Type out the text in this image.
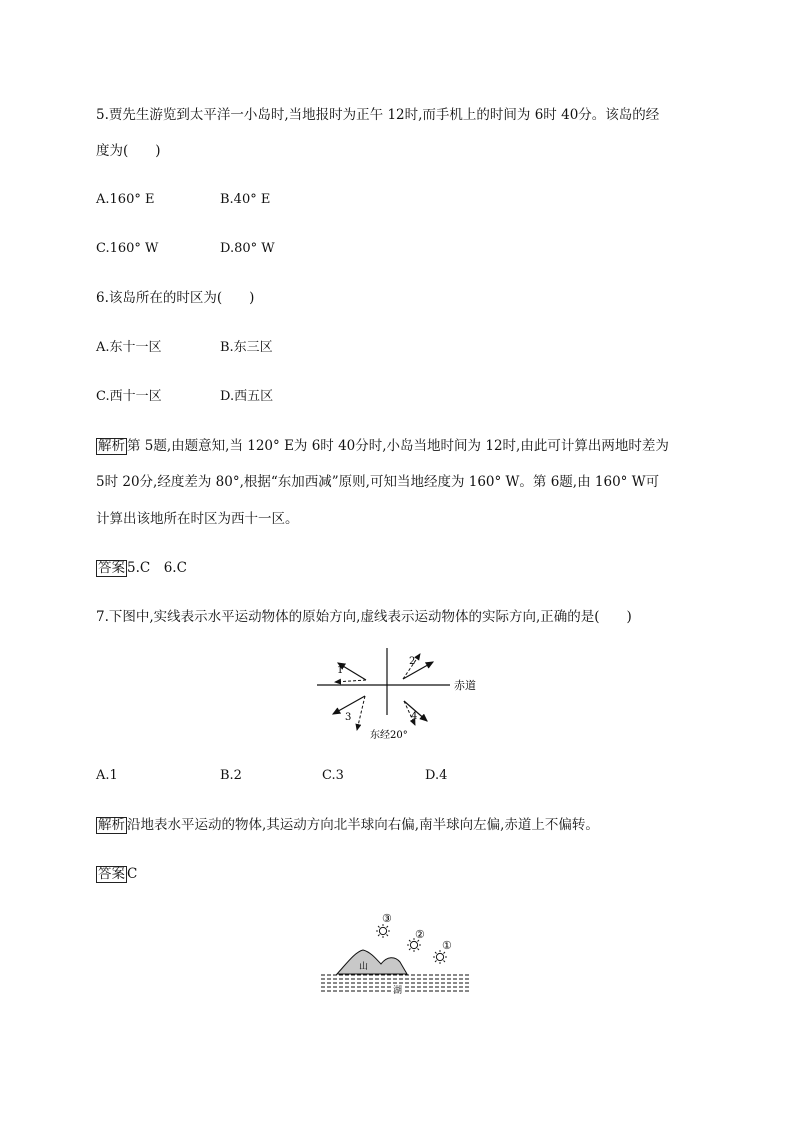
5.贾先生游览到太平洋一小岛时,当地报时为正午 12时,而手机上的时间为 6时 40分。该岛的经
度为(　　)
A.160° E	B.40° E
C.160° W	D.80° W
6.该岛所在的时区为(　　)
A.东十一区	B.东三区
C.西十一区	D.西五区
解析 第 5题,由题意知,当 120° E为 6时 40分时,小岛当地时间为 12时,由此可计算出两地时差为
5时 20分,经度差为 80°,根据“东加西减”原则,可知当地经度为 160° W。第 6题,由 160° W可
计算出该地所在时区为西十一区。
答案 5.C　6.C
7.下图中,实线表示水平运动物体的原始方向,虚线表示运动物体的实际方向,正确的是(　　)
赤道
东经20°
1
2
3	4
A.1	B.2	C.3	D.4
解析 沿地表水平运动的物体,其运动方向北半球向右偏,南半球向左偏,赤道上不偏转。
答案 C
③
②
①
山
湖
